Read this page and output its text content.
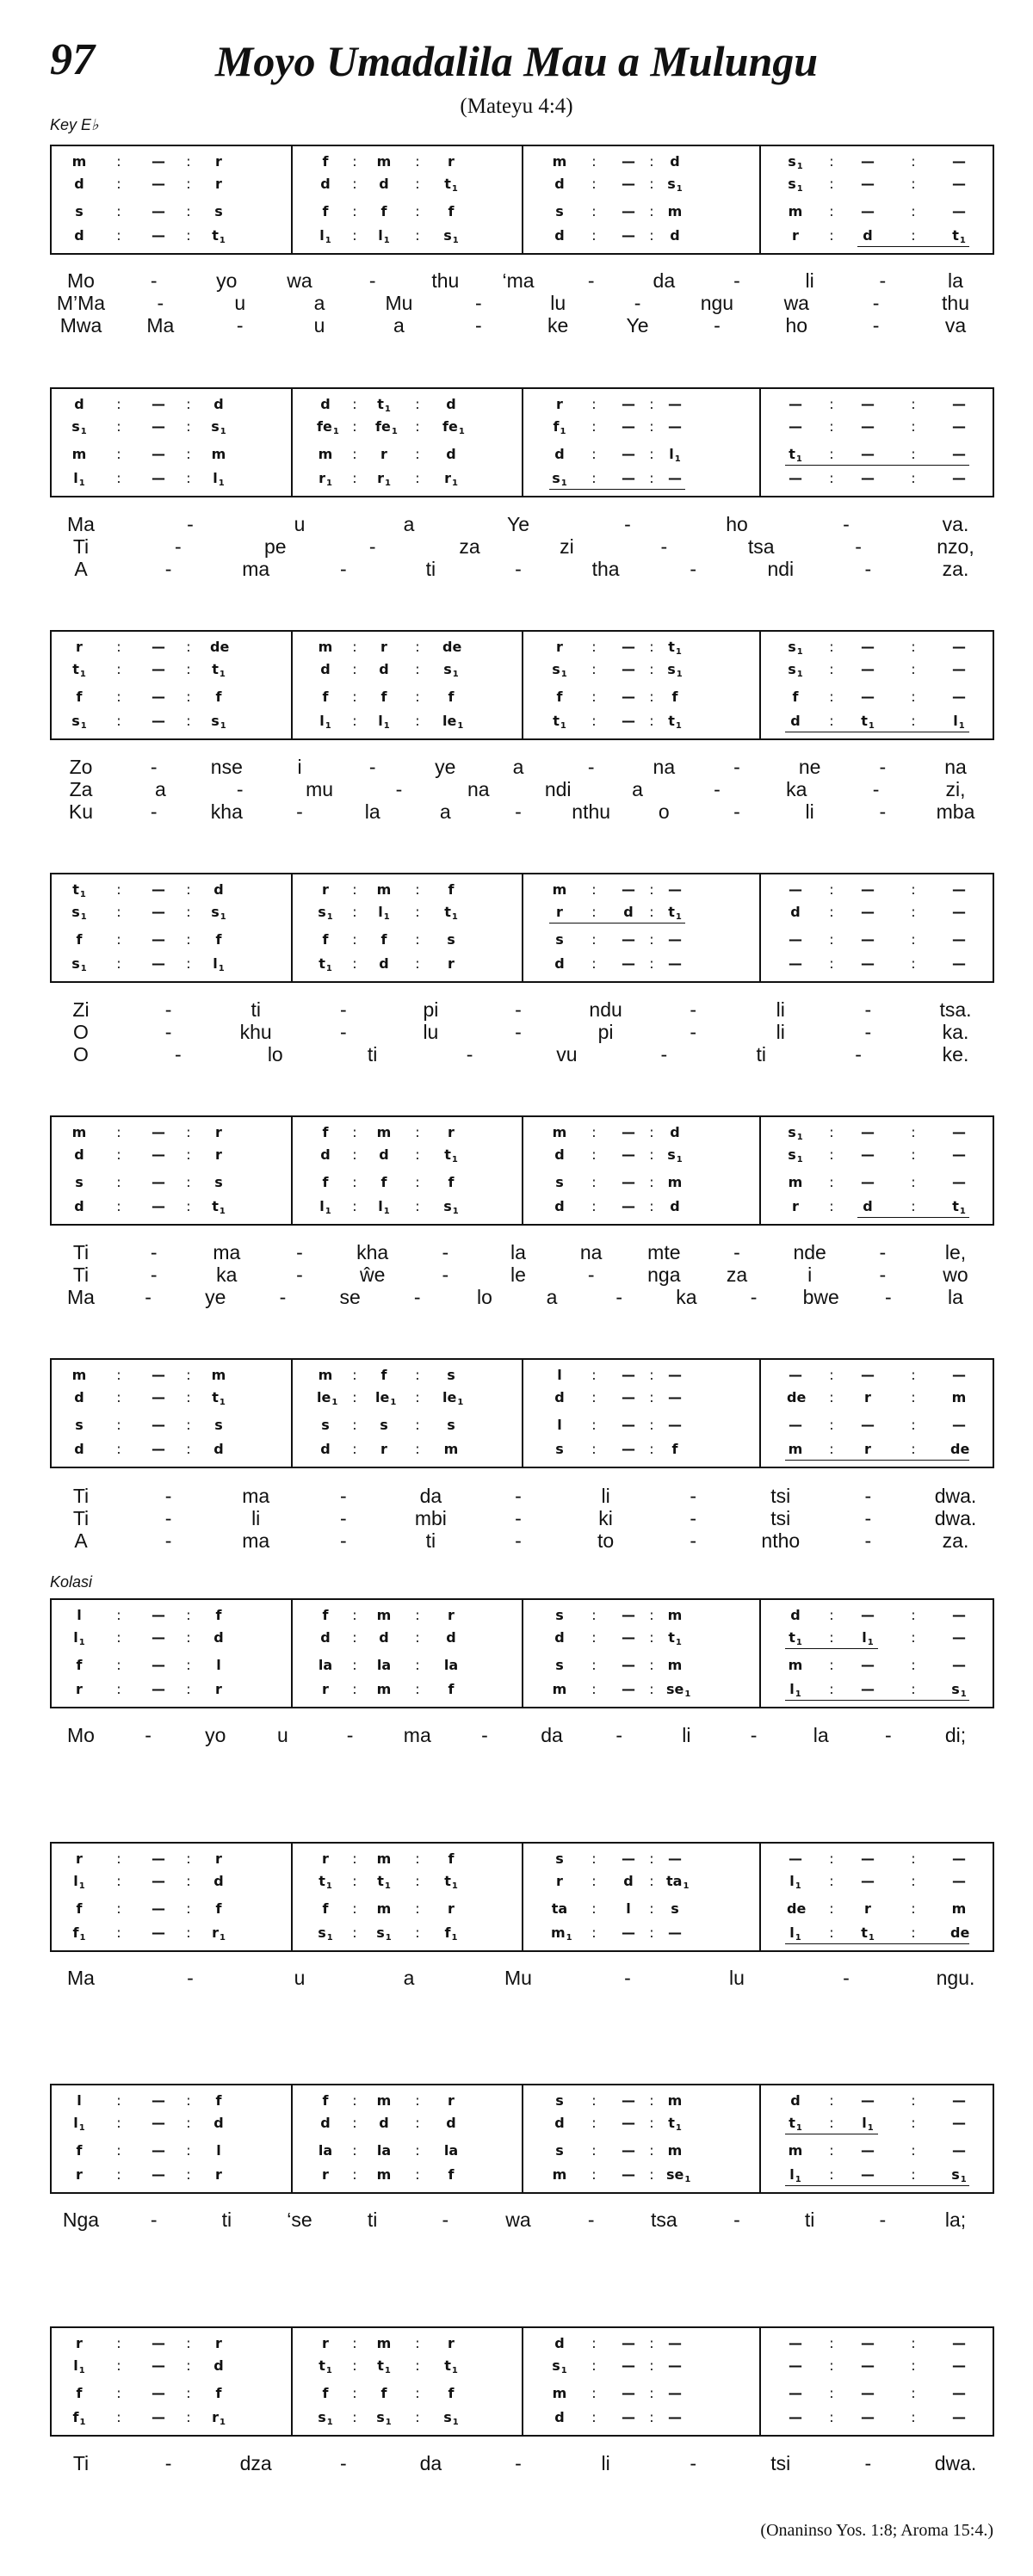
97	Moyo Umadalila Mau a Mulungu
(Mateyu 4:4)
Key E♭
m	:	—	:	r	f	:	m	:	r	m	:	—	:	d	$s_1$	:	—	:	—
d	:	—	:	r	d	:	d	:	$t_1$	d	:	—	: $s_1$	$s_1$	:	—	:	—
s	:	—	:	s	f	:	f	:	f	s	:	—	: m	m	:	—	:	—
d	:	—	:	$t_1$	$l_1$	:	$l_1$	:	$s_1$	d	:	—	:	d	r	:	d	:	$t_1$
Mo	-	yo	wa	-	thu ‘ma	-	da	-	li	-	la
M’Ma	-	u	a	Mu	-	lu	-	ngu	wa	-	thu
Mwa Ma	-	u	a	-	ke	Ye	-	ho	-	va
d	:	—	:	d	d	:	$t_1$	:	d	r	:	—	:	—	—	:	—	:	—
$s_1$	:	—	:	$s_1$	$fe_1$ :	$fe_1$	:	$fe_1$	$f_1$	:	—	:	—	—	:	—	:	—
m	:	—	:	m	m	:	r	:	d	d	:	—	:	$l_1$	$t_1$	:	—	:	—
$l_1$	:	—	:	$l_1$	$r_1$	:	$r_1$	:	$r_1$	$s_1$	:	—	:	—	—	:	—	:	—
Ma	-	u	a	Ye	-	ho	-	va.
Ti	-	pe	-	za	zi	-	tsa	-	nzo,
A	-	ma	-	ti	-	tha	-	ndi	-	za.
r	:	—	:	de	m	:	r	:	de	r	:	—	:	$t_1$	$s_1$	:	—	:	—
$t_1$	:	—	:	$t_1$	d	:	d	:	$s_1$	$s_1$	:	—	: $s_1$	$s_1$	:	—	:	—
f	:	—	:	f	f	:	f	:	f	f	:	—	:	f	f	:	—	:	—
$s_1$	:	—	:	$s_1$	$l_1$	:	$l_1$	:	$le_1$	$t_1$	:	—	:	$t_1$	d	:	$t_1$	:	$l_1$
Zo	-	nse	i	-	ye	a	-	na	-	ne	-	na
Za	a	-	mu	-	na	ndi	a	-	ka	-	zi,
Ku	-	kha	-	la	a	-	nthu o	-	li	-	mba
$t_1$	:	—	:	d	r	:	m	:	f	m	:	—	:	—	—	:	—	:	—
$s_1$	:	—	:	$s_1$	$s_1$	:	$l_1$	:	$t_1$	r	:	d	:	$t_1$	d	:	—	:	—
f	:	—	:	f	f	:	f	:	s	s	:	—	:	—	—	:	—	:	—
$s_1$	:	—	:	$l_1$	$t_1$	:	d	:	r	d	:	—	:	—	—	:	—	:	—
Zi	-	ti	-	pi	-	ndu	-	li	-	tsa.
O	-	khu	-	lu	-	pi	-	li	-	ka.
O	-	lo	ti	-	vu	-	ti	-	ke.
m	:	—	:	r	f	:	m	:	r	m	:	—	:	d	$s_1$	:	—	:	—
d	:	—	:	r	d	:	d	:	$t_1$	d	:	—	: $s_1$	$s_1$	:	—	:	—
s	:	—	:	s	f	:	f	:	f	s	:	—	: m	m	:	—	:	—
d	:	—	:	$t_1$	$l_1$	:	$l_1$	:	$s_1$	d	:	—	:	d	r	:	d	:	$t_1$
Ti	-	ma	-	kha	-	la	na mte	-	nde	-	le,
Ti	-	ka	-	ŵe	-	le	-	nga za	i	-	wo
Ma	-	ye	-	se	-	lo	a	-	ka	- bwe -	la
m	:	—	:	m	m	:	f	:	s	l	:	—	:	—	—	:	—	:	—
d	:	—	:	$t_1$	$le_1$	:	$le_1$	:	$le_1$	d	:	—	:	—	de	:	r	:	m
s	:	—	:	s	s	:	s	:	s	l	:	—	:	—	—	:	—	:	—
d	:	—	:	d	d	:	r	:	m	s	:	—	:	f	m	:	r	:	de
Ti	-	ma	-	da	-	li	-	tsi	-	dwa.
Ti	-	li	-	mbi	-	ki	-	tsi	-	dwa.
A	-	ma	-	ti	-	to	-	ntho	-	za.
Kolasi
l	:	—	:	f	f	:	m	:	r	s	:	—	: m	d	:	—	:	—
$l_1$	:	—	:	d	d	:	d	:	d	d	:	—	:	$t_1$	$t_1$	:	$l_1$	:	—
f	:	—	:	l	la	:	la	:	la	s	:	—	: m	m	:	—	:	—
r	:	—	:	r	r	:	m	:	f	m	:	—	: $se_1$	$l_1$	:	—	:	$s_1$
Mo	-	yo	u	-	ma	-	da	-	li	-	la	-	di;
r	:	—	:	r	r	:	m	:	f	s	:	—	:	—	—	:	—	:	—
$l_1$	:	—	:	d	$t_1$	:	$t_1$	:	$t_1$	r	:	d	: $ta_1$	$l_1$	:	—	:	—
f	:	—	:	f	f	:	m	:	r	ta	:	l	:	s	de	:	r	:	m
$f_1$	:	—	:	$r_1$	$s_1$	:	$s_1$	:	$f_1$	$m_1$	:	—	:	—	$l_1$	:	$t_1$	:	de
Ma	-	u	a	Mu	-	lu	-	ngu.
l	:	—	:	f	f	:	m	:	r	s	:	—	: m	d	:	—	:	—
$l_1$	:	—	:	d	d	:	d	:	d	d	:	—	:	$t_1$	$t_1$	:	$l_1$	:	—
f	:	—	:	l	la	:	la	:	la	s	:	—	: m	m	:	—	:	—
r	:	—	:	r	r	:	m	:	f	m	:	—	: $se_1$	$l_1$	:	—	:	$s_1$
Nga	-	ti	‘se	ti	-	wa	-	tsa	-	ti	-	la;
r	:	—	:	r	r	:	m	:	r	d	:	—	:	—	—	:	—	:	—
$l_1$	:	—	:	d	$t_1$	:	$t_1$	:	$t_1$	$s_1$	:	—	:	—	—	:	—	:	—
f	:	—	:	f	f	:	f	:	f	m	:	—	:	—	—	:	—	:	—
$f_1$	:	—	:	$r_1$	$s_1$	:	$s_1$	:	$s_1$	d	:	—	:	—	—	:	—	:	—
Ti	-	dza	-	da	-	li	-	tsi	-	dwa.
(Onaninso Yos. 1:8; Aroma 15:4.)
